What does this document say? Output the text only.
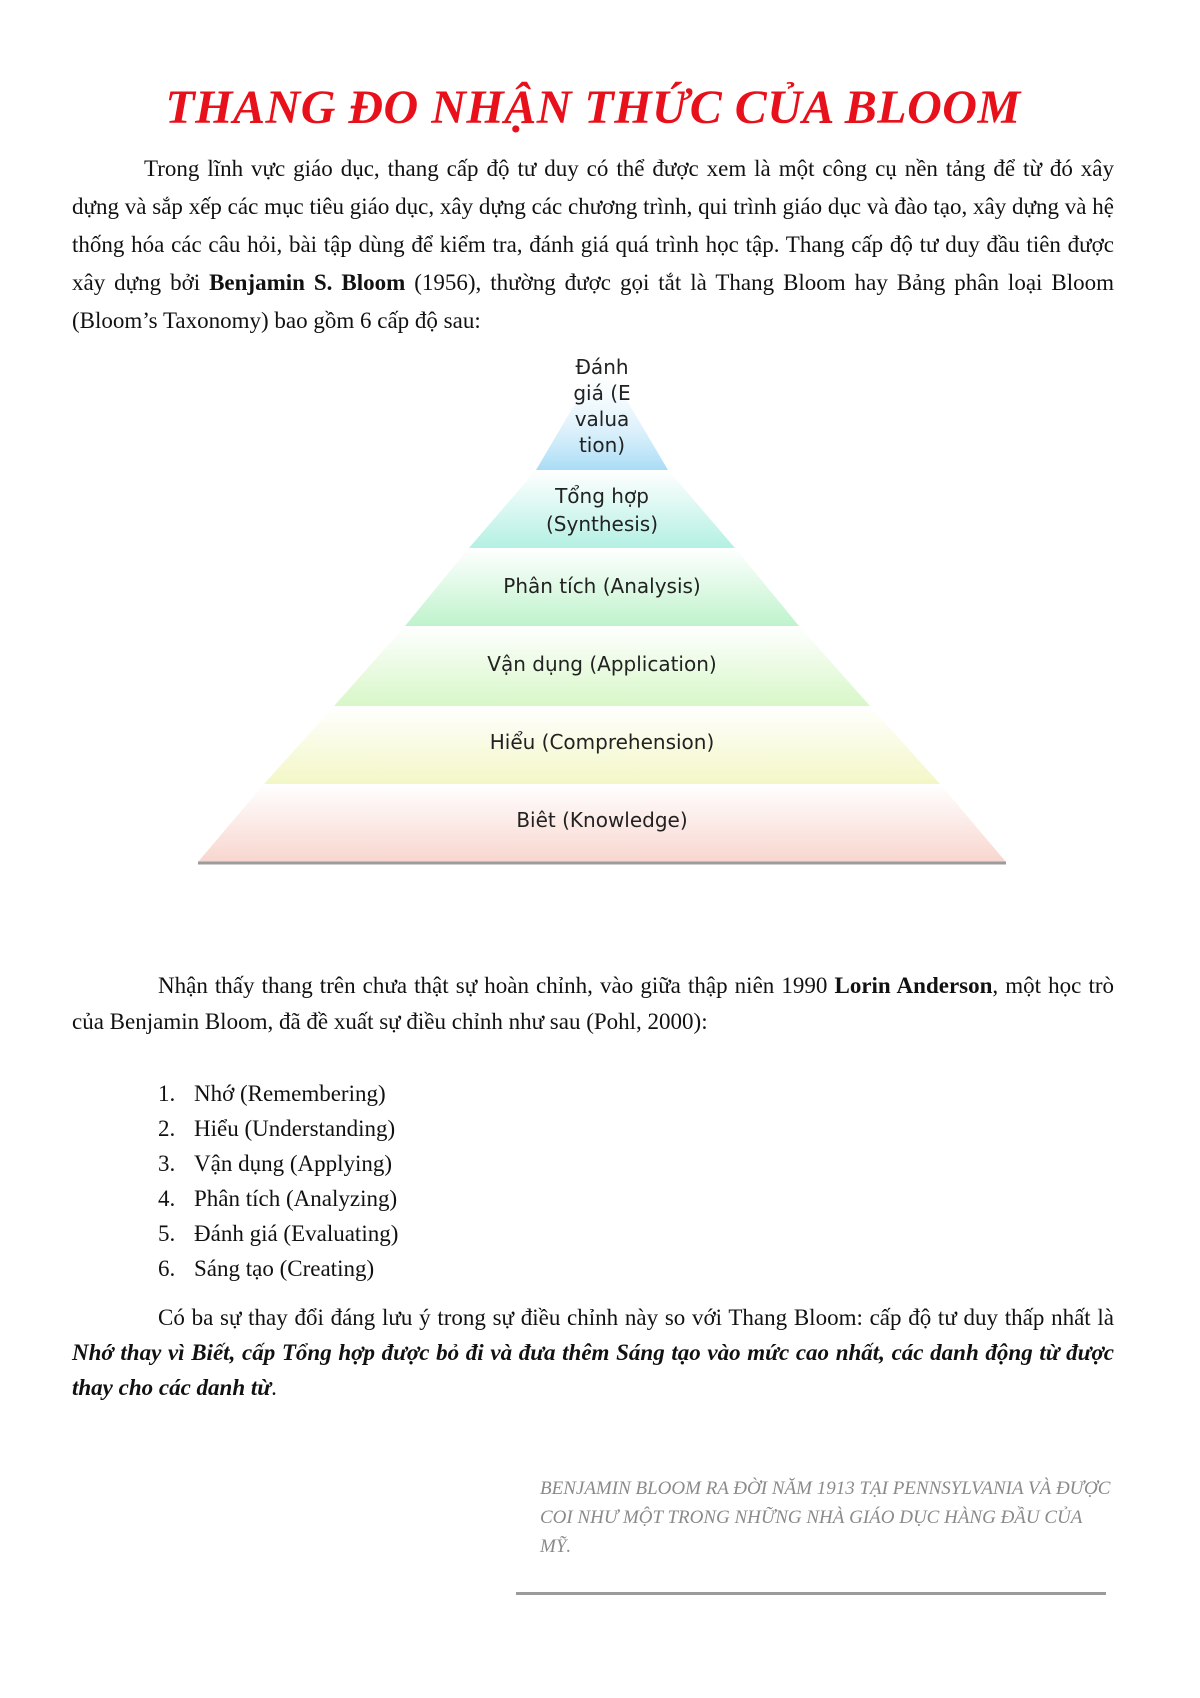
THANG ĐO NHẬN THỨC CỦA BLOOM

Trong lĩnh vực giáo dục, thang cấp độ tư duy có thể được xem là một công cụ nền tảng để từ đó xây dựng và sắp xếp các mục tiêu giáo dục, xây dựng các chương trình, qui trình giáo dục và đào tạo, xây dựng và hệ thống hóa các câu hỏi, bài tập dùng để kiểm tra, đánh giá quá trình học tập. Thang cấp độ tư duy đầu tiên được xây dựng bởi Benjamin S. Bloom (1956), thường được gọi tắt là Thang Bloom hay Bảng phân loại Bloom (Bloom’s Taxonomy) bao gồm 6 cấp độ sau:

Đánh giá (Evaluation)
Tổng hợp
(Synthesis)
Phân tích (Analysis)
Vận dụng (Application)
Hiểu (Comprehension)
Biêt (Knowledge)

Nhận thấy thang trên chưa thật sự hoàn chỉnh, vào giữa thập niên 1990 Lorin Anderson, một học trò của Benjamin Bloom, đã đề xuất sự điều chỉnh như sau (Pohl, 2000):

1. Nhớ (Remembering)
2. Hiểu (Understanding)
3. Vận dụng (Applying)
4. Phân tích (Analyzing)
5. Đánh giá (Evaluating)
6. Sáng tạo (Creating)

Có ba sự thay đổi đáng lưu ý trong sự điều chỉnh này so với Thang Bloom: cấp độ tư duy thấp nhất là Nhớ thay vì Biết, cấp Tổng hợp được bỏ đi và đưa thêm Sáng tạo vào mức cao nhất, các danh động từ được thay cho các danh từ.

BENJAMIN BLOOM RA ĐỜI NĂM 1913 TẠI PENNSYLVANIA VÀ ĐƯỢC COI NHƯ MỘT TRONG NHỮNG NHÀ GIÁO DỤC HÀNG ĐẦU CỦA MỸ.
